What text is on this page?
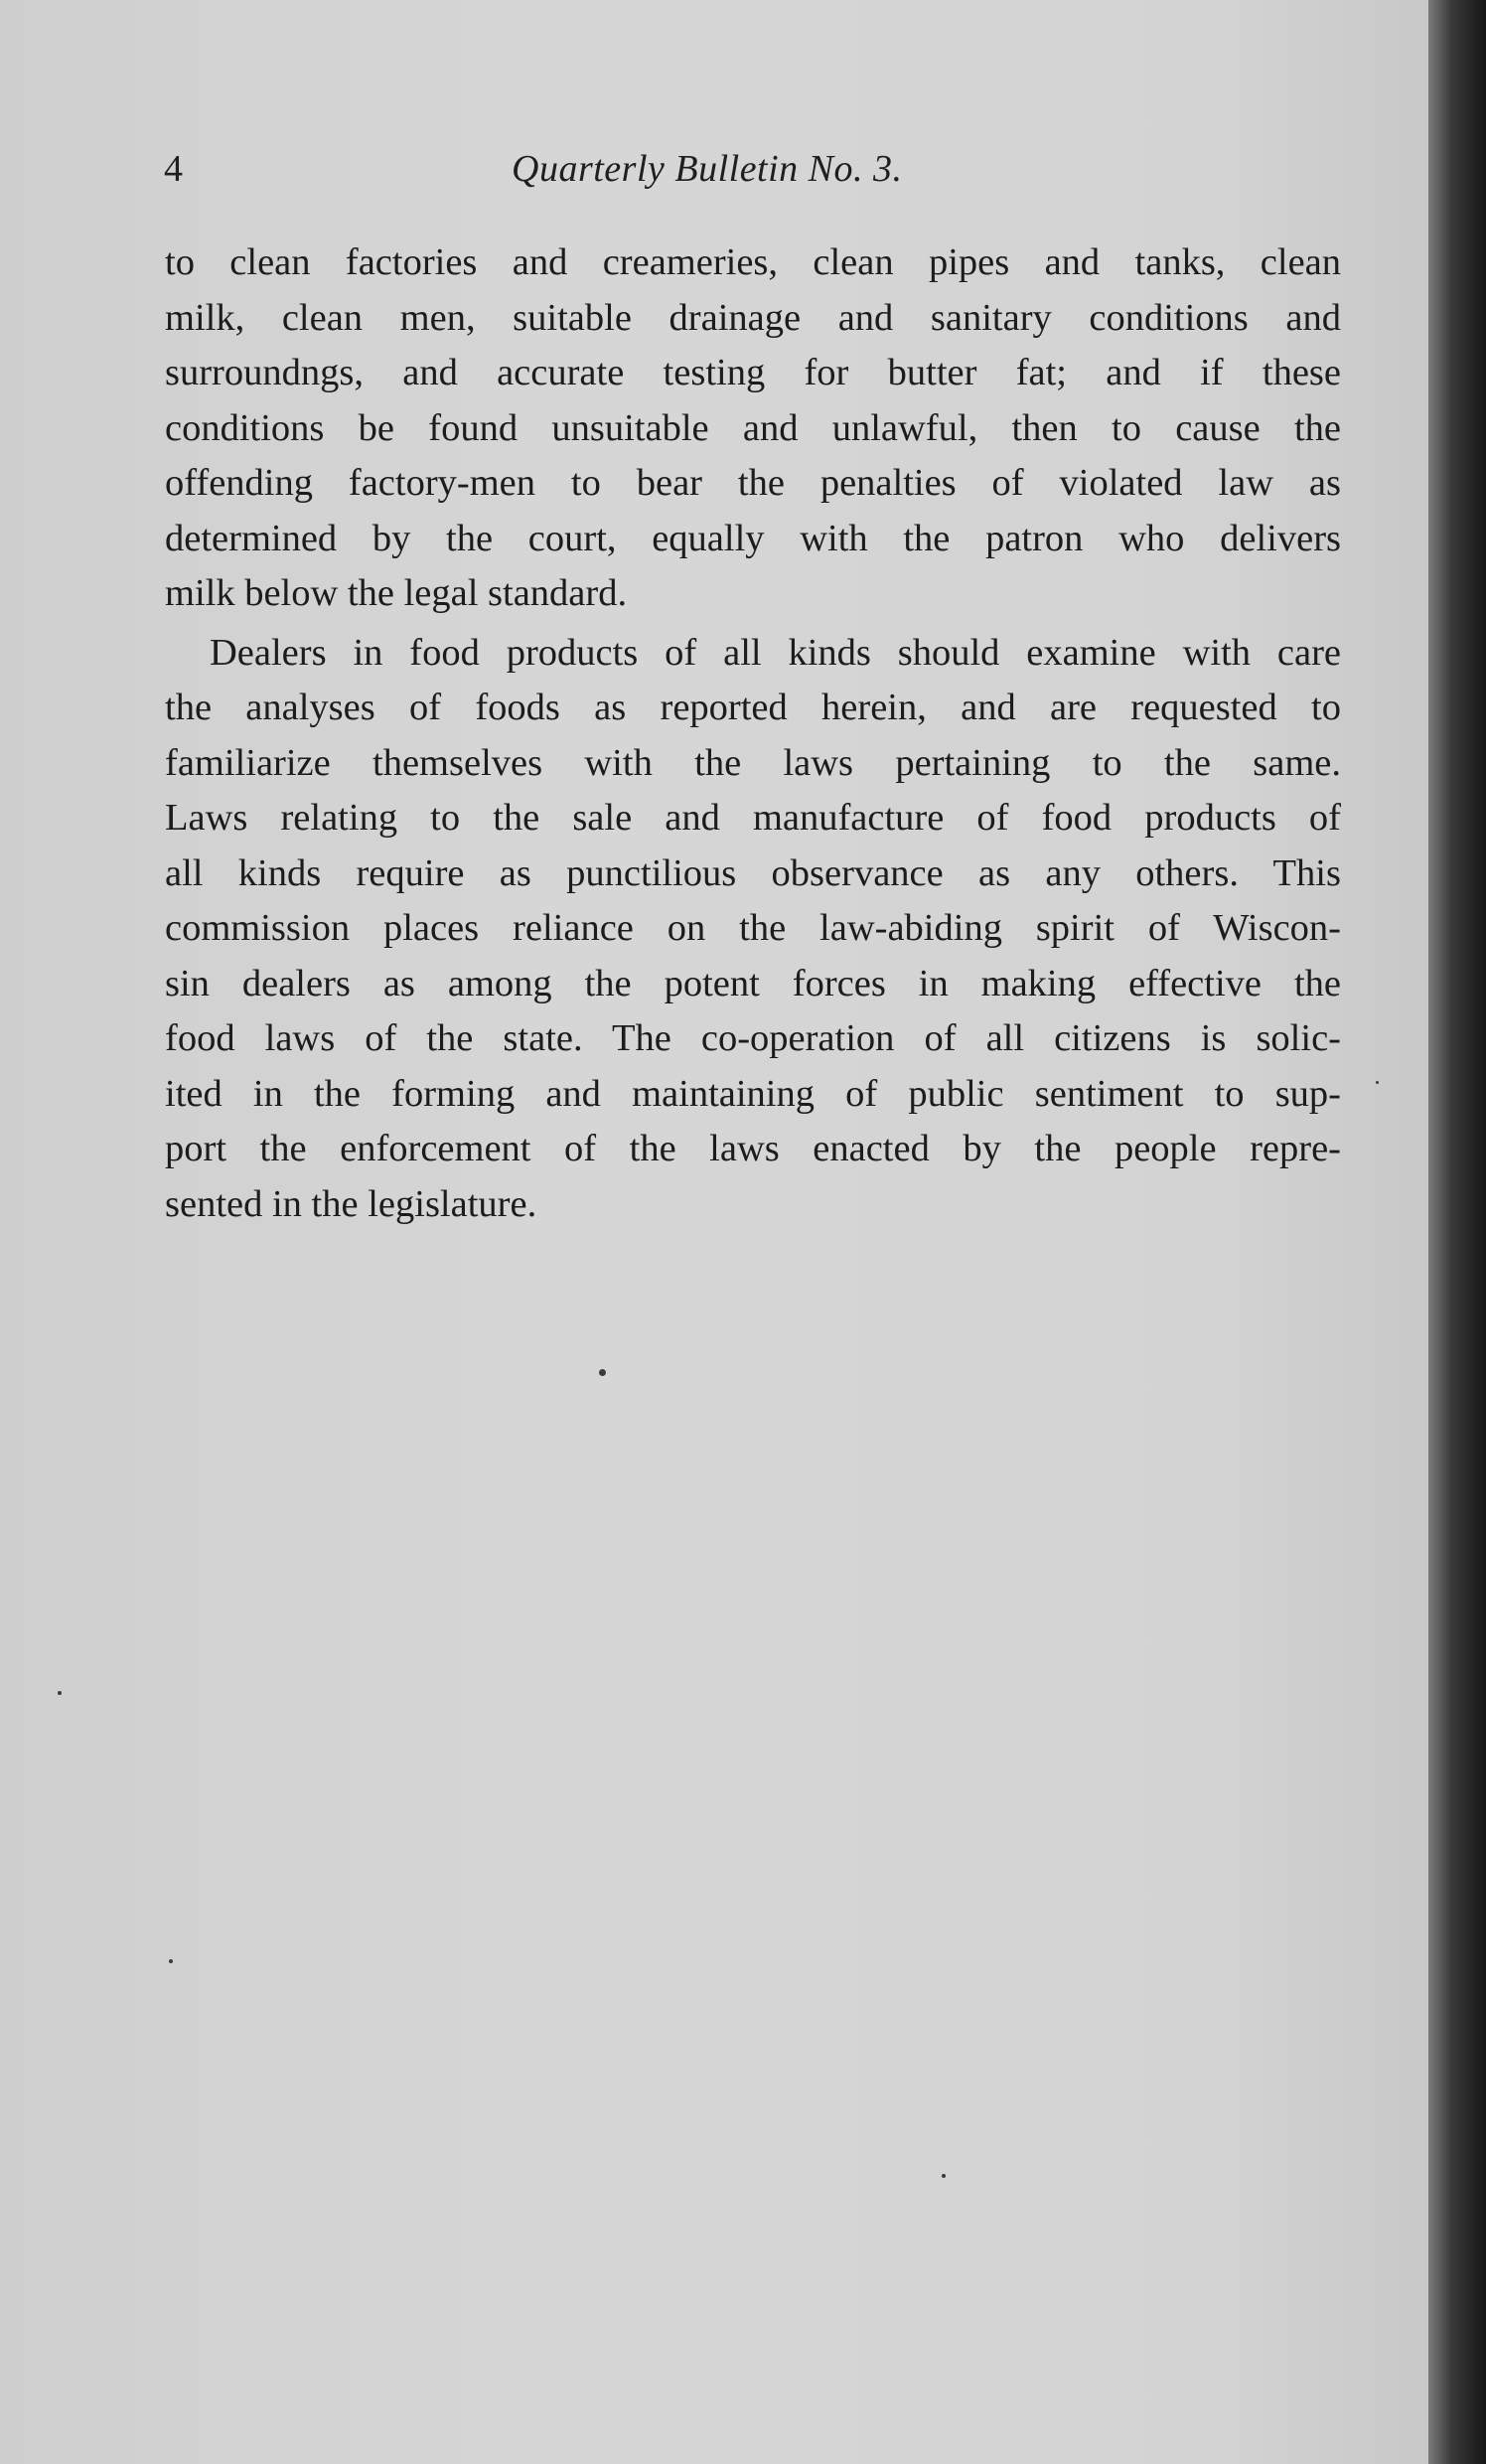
4	Quarterly Bulletin No. 3.

to clean factories and creameries, clean pipes and tanks, clean
milk, clean men, suitable drainage and sanitary conditions and
surroundngs, and accurate testing for butter fat; and if these
conditions be found unsuitable and unlawful, then to cause the
offending factory-men to bear the penalties of violated law as
determined by the court, equally with the patron who delivers
milk below the legal standard.

Dealers in food products of all kinds should examine with care
the analyses of foods as reported herein, and are requested to
familiarize themselves with the laws pertaining to the same.
Laws relating to the sale and manufacture of food products of
all kinds require as punctilious observance as any others. This
commission places reliance on the law-abiding spirit of Wiscon-
sin dealers as among the potent forces in making effective the
food laws of the state. The co-operation of all citizens is solic-
ited in the forming and maintaining of public sentiment to sup-
port the enforcement of the laws enacted by the people repre-
sented in the legislature.
